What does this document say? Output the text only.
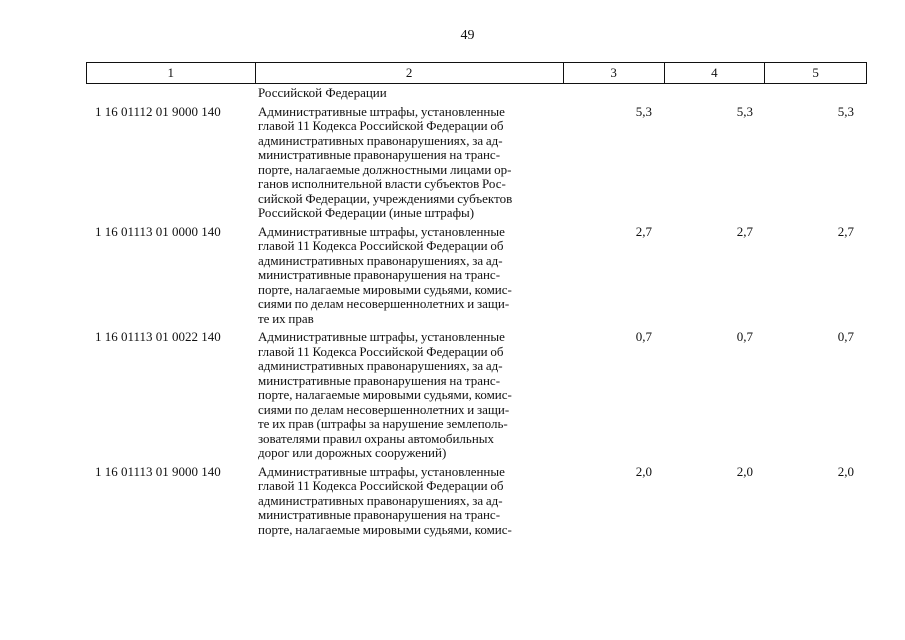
49
1	2	3	4	5
Российской Федерации
1 16 01112 01 9000 140	Административные штрафы, установленные
главой 11 Кодекса Российской Федерации об
административных правонарушениях, за ад-
министративные правонарушения на транс-
порте, налагаемые должностными лицами ор-
ганов исполнительной власти субъектов Рос-
сийской Федерации, учреждениями субъектов
Российской Федерации (иные штрафы)
5,3	5,3	5,3
1 16 01113 01 0000 140	Административные штрафы, установленные
главой 11 Кодекса Российской Федерации об
административных правонарушениях, за ад-
министративные правонарушения на транс-
порте, налагаемые мировыми судьями, комис-
сиями по делам несовершеннолетних и защи-
те их прав
2,7	2,7	2,7
1 16 01113 01 0022 140	Административные штрафы, установленные
главой 11 Кодекса Российской Федерации об
административных правонарушениях, за ад-
министративные правонарушения на транс-
порте, налагаемые мировыми судьями, комис-
сиями по делам несовершеннолетних и защи-
те их прав (штрафы за нарушение землеполь-
зователями правил охраны автомобильных
дорог или дорожных сооружений)
0,7	0,7	0,7
1 16 01113 01 9000 140	Административные штрафы, установленные
главой 11 Кодекса Российской Федерации об
административных правонарушениях, за ад-
министративные правонарушения на транс-
порте, налагаемые мировыми судьями, комис-
2,0	2,0	2,0
